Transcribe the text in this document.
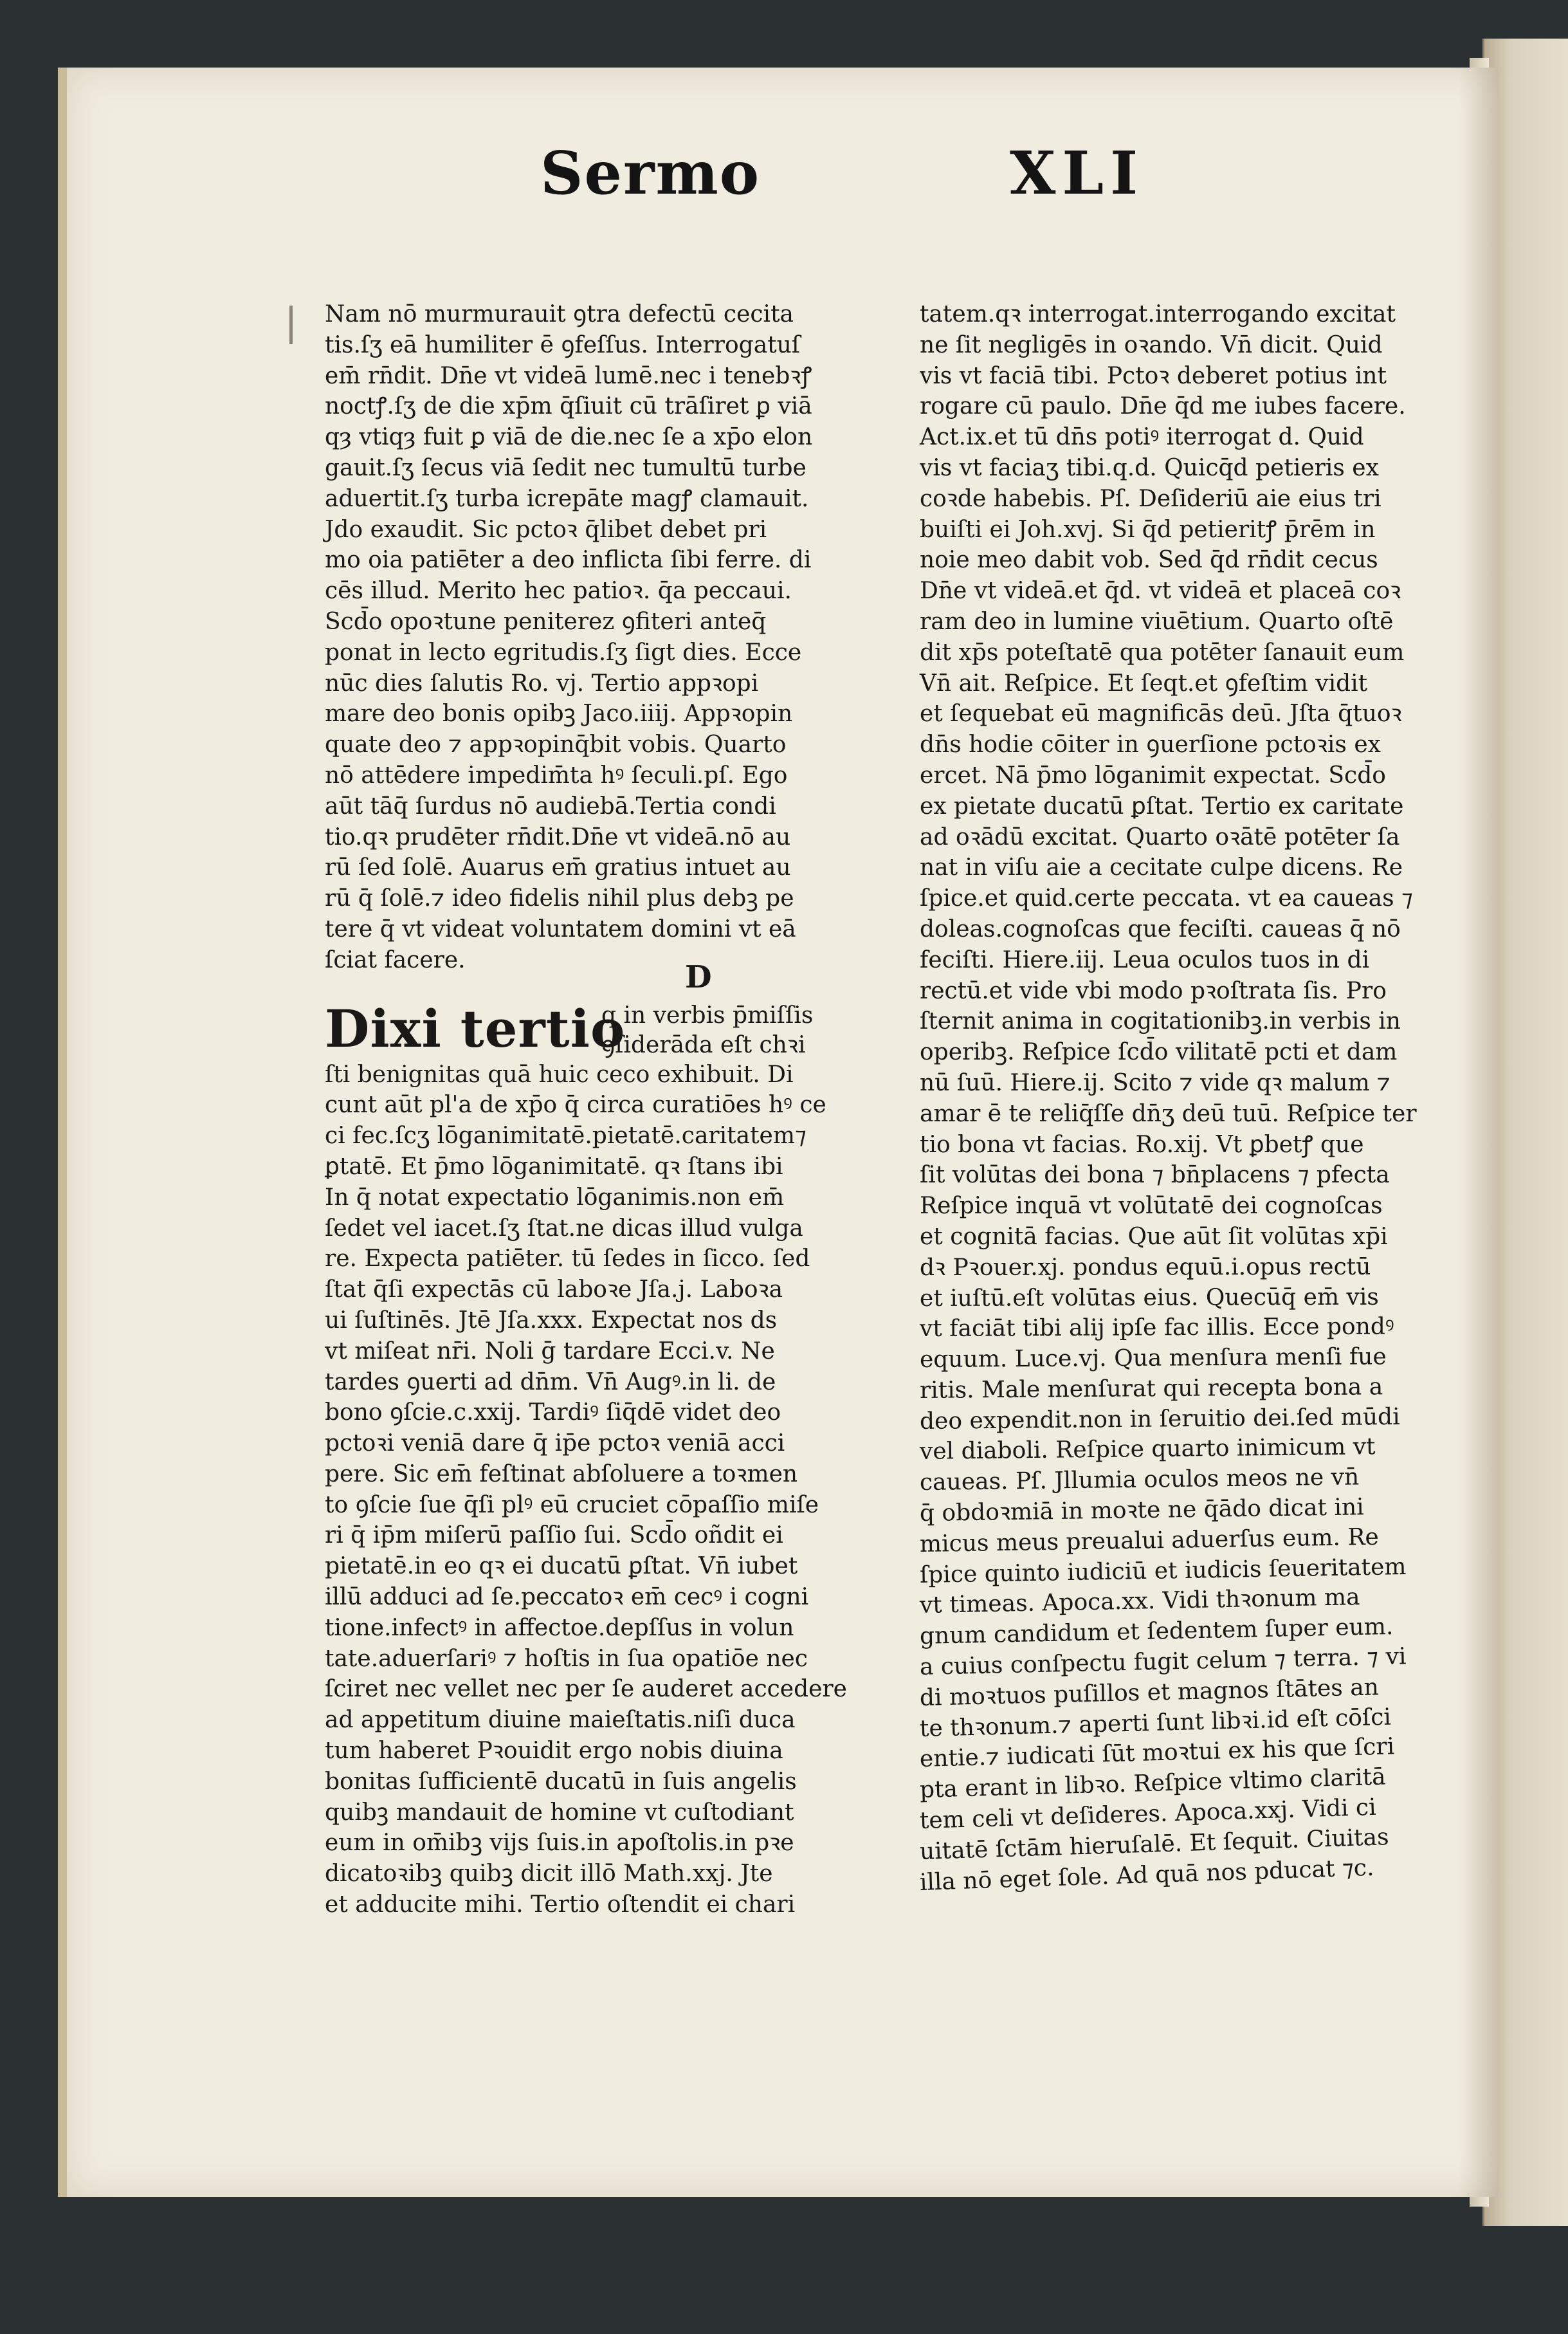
Sermo	XLI
Nam nō murmurauit ꝯtra defectū cecita
tis.ſʒ eā humiliter ē ꝯfeſſus. Interrogatuſ
em̄ rn̄dit. Dn̄e vt videā lumē.nec i tenebꝛꝭ
noctꝭ.ſʒ de die xp̄m q̄ſiuit cū trāſiret ꝑ viā
qȝ vtiqȝ fuit ꝑ viā de die.nec ſe a xp̄o elon
gauit.ſʒ ſecus viā ſedit nec tumultū turbe
aduertit.ſʒ turba icrepāte magꝭ clamauit.
Jdo exaudit. Sic pctoꝛ q̄libet debet pri
mo oia patiēter a deo inflicta ſibi ferre. di
cēs illud. Merito hec patioꝛ. q̄a peccaui.
Scd̄o opoꝛtune peniterez ꝯfiteri anteq̄
ponat in lecto egritudis.ſʒ ſigt dies. Ecce
nūc dies ſalutis Ro. vj. Tertio appꝛopi
mare deo bonis opibꝫ Jaco.iiij. Appꝛopin
quate deo ⁊ appꝛopinq̄bit vobis. Quarto
nō attēdere impedim̄ta hꝰ ſeculi.pſ. Ego
aūt tāq̄ ſurdus nō audiebā.Tertia condi
tio.qꝛ prudēter rn̄dit.Dn̄e vt videā.nō au
rū ſed ſolē. Auarus em̄ gratius intuet au
rū q̄ ſolē.⁊ ideo fidelis nihil plus debꝫ pe
tere q̄ vt videat voluntatem domini vt eā
ſciat facere.	D
Dixi tertio
q in verbis p̄miſſis
ꝯſiderāda eſt chꝛi
ſti benignitas quā huic ceco exhibuit. Di
cunt aūt pl'a de xp̄o q̄ circa curatiōes hꝰ ce
ci fec.ſcʒ lōganimitatē.pietatē.caritatem⁊
ꝑtatē. Et p̄mo lōganimitatē. qꝛ ſtans ibi
In q̄ notat expectatio lōganimis.non em̄
ſedet vel iacet.ſʒ ſtat.ne dicas illud vulga
re. Expecta patiēter. tū ſedes in ſicco. ſed
ſtat q̄ſi expectās cū laboꝛe Jſa.j. Laboꝛa
ui ſuſtinēs. Jtē Jſa.xxx. Expectat nos ds
vt miſeat nr̄i. Noli ḡ tardare Ecci.v. Ne
tardes ꝯuerti ad dn̄m. Vn̄ Augꝰ.in li. de
bono ꝯſcie.c.xxij. Tardiꝰ ſiq̄dē videt deo
pctoꝛi veniā dare q̄ ip̄e pctoꝛ veniā acci
pere. Sic em̄ feſtinat abſoluere a toꝛmen
to ꝯſcie ſue q̄ſi plꝰ eū cruciet cōpaſſio miſe
ri q̄ ip̄m miſerū paſſio ſui. Scd̄o oñdit ei
pietatē.in eo qꝛ ei ducatū ꝑſtat. Vn̄ iubet
illū adduci ad ſe.peccatoꝛ em̄ cecꝰ i cogni
tione.infectꝰ in affectoe.depſſus in volun
tate.aduerſariꝰ ⁊ hoſtis in ſua opatiōe nec
ſciret nec vellet nec per ſe auderet accedere
ad appetitum diuine maieſtatis.niſi duca
tum haberet Pꝛouidit ergo nobis diuina
bonitas ſufficientē ducatū in ſuis angelis
quibꝫ mandauit de homine vt cuſtodiant
eum in om̄ibꝫ vijs ſuis.in apoſtolis.in pꝛe
dicatoꝛibꝫ quibꝫ dicit illō Math.xxj. Jte
et adducite mihi. Tertio oſtendit ei chari
tatem.qꝛ interrogat.interrogando excitat
ne ſit negligēs in oꝛando. Vn̄ dicit. Quid
vis vt faciā tibi. Pctoꝛ deberet potius int
rogare cū paulo. Dn̄e q̄d me iubes facere.
Act.ix.et tū dn̄s potiꝰ iterrogat d. Quid
vis vt faciaʒ tibi.q.d. Quicq̄d petieris ex
coꝛde habebis. Pſ. Deſideriū aie eius tri
buiſti ei Joh.xvj. Si q̄d petieritꝭ p̄rēm in
noie meo dabit vob. Sed q̄d rn̄dit cecus
Dn̄e vt videā.et q̄d. vt videā et placeā coꝛ
ram deo in lumine viuētium. Quarto oſtē
dit xp̄s poteſtatē qua potēter ſanauit eum
Vn̄ ait. Reſpice. Et ſeqt.et ꝯfeſtim vidit
et ſequebat eū magnificās deū. Jſta q̄tuoꝛ
dn̄s hodie cōiter in ꝯuerſione pctoꝛis ex
ercet. Nā p̄mo lōganimit expectat. Scd̄o
ex pietate ducatū ꝑſtat. Tertio ex caritate
ad oꝛādū excitat. Quarto oꝛātē potēter ſa
nat in viſu aie a cecitate culpe dicens. Re
ſpice.et quid.certe peccata. vt ea caueas ⁊
doleas.cognoſcas que feciſti. caueas q̄ nō
feciſti. Hiere.iij. Leua oculos tuos in di
rectū.et vide vbi modo pꝛoſtrata ſis. Pro
ſternit anima in cogitationibꝫ.in verbis in
operibꝫ. Reſpice ſcd̄o vilitatē pcti et dam
nū ſuū. Hiere.ij. Scito ⁊ vide qꝛ malum ⁊
amar ē te reliq̄ſſe dn̄ʒ deū tuū. Reſpice ter
tio bona vt facias. Ro.xij. Vt ꝑbetꝭ que
ſit volūtas dei bona ⁊ bn̄placens ⁊ pfecta
Reſpice inquā vt volūtatē dei cognoſcas
et cognitā facias. Que aūt ſit volūtas xp̄i
dꝛ Pꝛouer.xj. pondus equū.i.opus rectū
et iuſtū.eſt volūtas eius. Quecūq̄ em̄ vis
vt faciāt tibi alij ipſe fac illis. Ecce pondꝰ
equum. Luce.vj. Qua menſura menſi fue
ritis. Male menſurat qui recepta bona a
deo expendit.non in ſeruitio dei.ſed mūdi
vel diaboli. Reſpice quarto inimicum vt
caueas. Pſ. Jllumia oculos meos ne vn̄
q̄ obdoꝛmiā in moꝛte ne q̄ādo dicat ini
micus meus preualui aduerſus eum. Re
ſpice quinto iudiciū et iudicis ſeueritatem
vt timeas. Apoca.xx. Vidi thꝛonum ma
gnum candidum et ſedentem ſuper eum.
a cuius conſpectu fugit celum ⁊ terra. ⁊ vi
di moꝛtuos puſillos et magnos ſtātes an
te thꝛonum.⁊ aperti ſunt libꝛi.id eſt cōſci
entie.⁊ iudicati ſūt moꝛtui ex his que ſcri
pta erant in libꝛo. Reſpice vltimo claritā
tem celi vt deſideres. Apoca.xxj. Vidi ci
uitatē ſctām hieruſalē. Et ſequit. Ciuitas
illa nō eget ſole. Ad quā nos pducat ⁊c.
